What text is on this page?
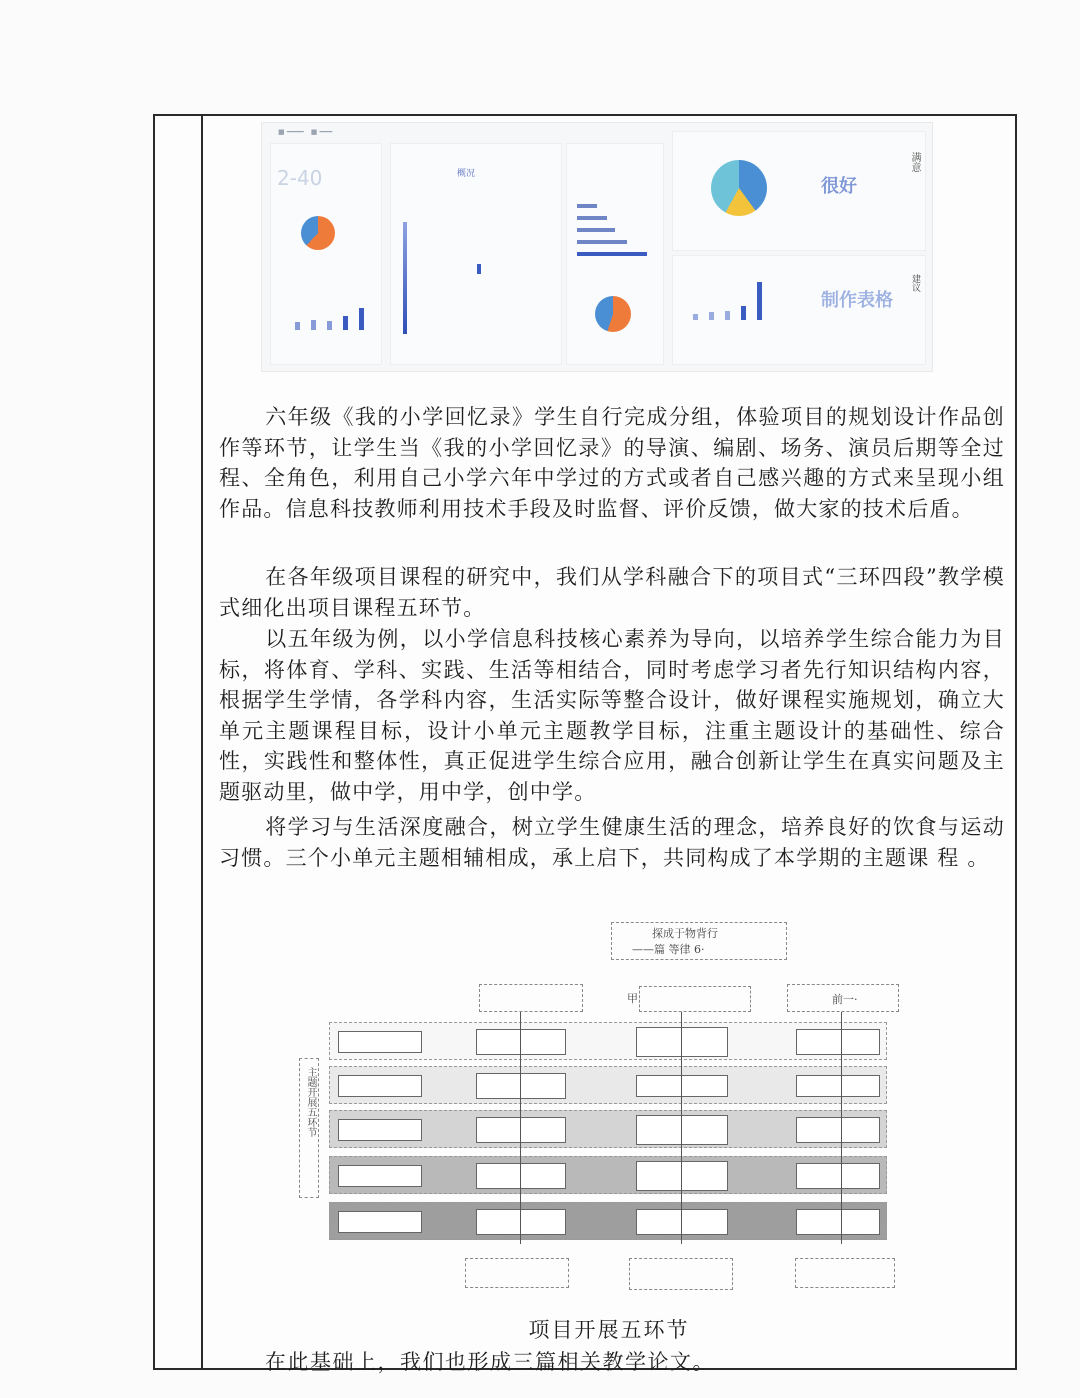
■ ━━━━　■ ━━━
2-40	概况
很好
满意
制作表格
建议

六年级《我的小学回忆录》学生自行完成分组，体验项目的规划设计作品创作等环节，让学生当《我的小学回忆录》的导演、编剧、场务、演员后期等全过程、全角色，利用自己小学六年中学过的方式或者自己感兴趣的方式来呈现小组作品。信息科技教师利用技术手段及时监督、评价反馈，做大家的技术后盾。

在各年级项目课程的研究中，我们从学科融合下的项目式“三环四段”教学模式细化出项目课程五环节。

以五年级为例，以小学信息科技核心素养为导向，以培养学生综合能力为目标，将体育、学科、实践、生活等相结合，同时考虑学习者先行知识结构内容，根据学生学情，各学科内容，生活实际等整合设计，做好课程实施规划，确立大单元主题课程目标，设计小单元主题教学目标，注重主题设计的基础性、综合性，实践性和整体性，真正促进学生综合应用，融合创新让学生在真实问题及主题驱动里，做中学，用中学，创中学。

将学习与生活深度融合，树立学生健康生活的理念，培养良好的饮食与运动习惯。三个小单元主题相辅相成，承上启下，共同构成了本学期的主题课 程 。

探成于物背行
——篇 等律 6·
甲	前一·
主题开展五环节
项目开展五环节
在此基础上，我们也形成三篇相关教学论文。
